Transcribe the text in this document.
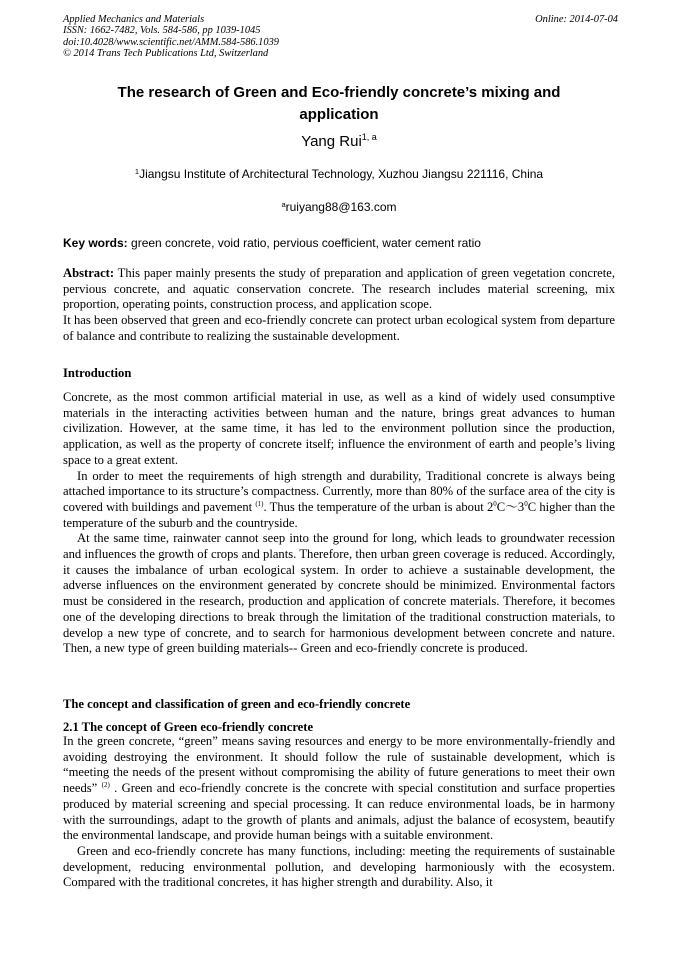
Applied Mechanics and Materials
ISSN: 1662-7482, Vols. 584-586, pp 1039-1045
doi:10.4028/www.scientific.net/AMM.584-586.1039
© 2014 Trans Tech Publications Ltd, Switzerland
Online: 2014-07-04
The research of Green and Eco-friendly concrete’s mixing and
application
Yang Rui$^{1, a}$
$^1$Jiangsu Institute of Architectural Technology, Xuzhou Jiangsu 221116, China
$^a$ruiyang88@163.com
Key words: green concrete, void ratio, pervious coefficient, water cement ratio

Abstract: This paper mainly presents the study of preparation and application of green vegetation concrete, pervious concrete, and aquatic conservation concrete. The research includes material screening, mix proportion, operating points, construction process, and application scope.

It has been observed that green and eco-friendly concrete can protect urban ecological system from departure of balance and contribute to realizing the sustainable development.

Introduction

Concrete, as the most common artificial material in use, as well as a kind of widely used consumptive materials in the interacting activities between human and the nature, brings great advances to human civilization. However, at the same time, it has led to the environment pollution since the production, application, as well as the property of concrete itself; influence the environment of earth and people’s living space to a great extent.

In order to meet the requirements of high strength and durability, Traditional concrete is always being attached importance to its structure’s compactness. Currently, more than 80% of the surface area of the city is covered with buildings and pavement $^{(1)}$. Thus the temperature of the urban is about $2^0C\sim 3^0C$ higher than the temperature of the suburb and the countryside.

At the same time, rainwater cannot seep into the ground for long, which leads to groundwater recession and influences the growth of crops and plants. Therefore, then urban green coverage is reduced. Accordingly, it causes the imbalance of urban ecological system. In order to achieve a sustainable development, the adverse influences on the environment generated by concrete should be minimized. Environmental factors must be considered in the research, production and application of concrete materials. Therefore, it becomes one of the developing directions to break through the limitation of the traditional construction materials, to develop a new type of concrete, and to search for harmonious development between concrete and nature. Then, a new type of green building materials-- Green and eco-friendly concrete is produced.

The concept and classification of green and eco-friendly concrete
2.1 The concept of Green eco-friendly concrete

In the green concrete, “green” means saving resources and energy to be more environmentally-friendly and avoiding destroying the environment. It should follow the rule of sustainable development, which is “meeting the needs of the present without compromising the ability of future generations to meet their own needs” $^{(2)}$ . Green and eco-friendly concrete is the concrete with special constitution and surface properties produced by material screening and special processing. It can reduce environmental loads, be in harmony with the surroundings, adapt to the growth of plants and animals, adjust the balance of ecosystem, beautify the environmental landscape, and provide human beings with a suitable environment.

Green and eco-friendly concrete has many functions, including: meeting the requirements of sustainable development, reducing environmental pollution, and developing harmoniously with the ecosystem. Compared with the traditional concretes, it has higher strength and durability. Also, it
